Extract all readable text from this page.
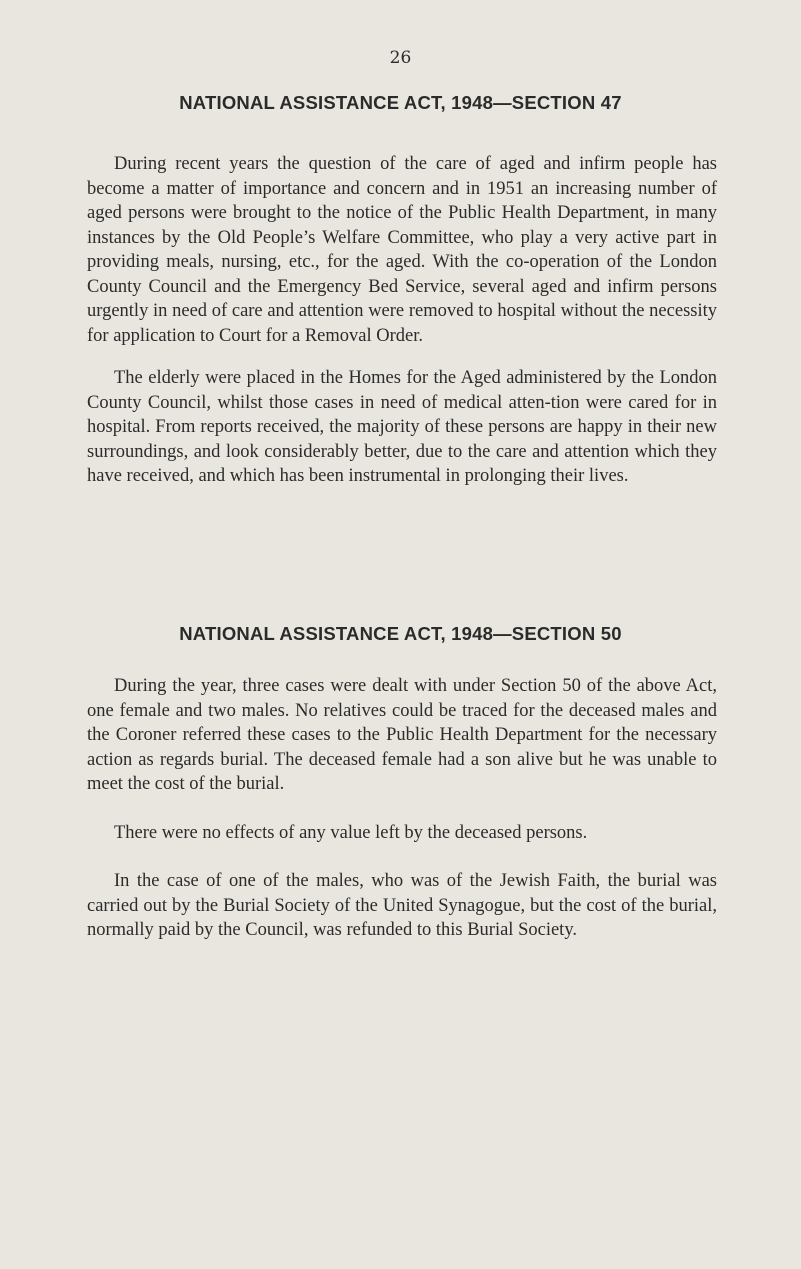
26
NATIONAL ASSISTANCE ACT, 1948—SECTION 47

During recent years the question of the care of aged and infirm people has become a matter of importance and concern and in 1951 an increasing number of aged persons were brought to the notice of the Public Health Department, in many instances by the Old People’s Welfare Committee, who play a very active part in providing meals, nursing, etc., for the aged. With the co-operation of the London County Council and the Emergency Bed Service, several aged and infirm persons urgently in need of care and attention were removed to hospital without the necessity for application to Court for a Removal Order.

The elderly were placed in the Homes for the Aged administered by the London County Council, whilst those cases in need of medical atten-tion were cared for in hospital. From reports received, the majority of these persons are happy in their new surroundings, and look considerably better, due to the care and attention which they have received, and which has been instrumental in prolonging their lives.

NATIONAL ASSISTANCE ACT, 1948—SECTION 50

During the year, three cases were dealt with under Section 50 of the above Act, one female and two males. No relatives could be traced for the deceased males and the Coroner referred these cases to the Public Health Department for the necessary action as regards burial. The deceased female had a son alive but he was unable to meet the cost of the burial.

There were no effects of any value left by the deceased persons.

In the case of one of the males, who was of the Jewish Faith, the burial was carried out by the Burial Society of the United Synagogue, but the cost of the burial, normally paid by the Council, was refunded to this Burial Society.
